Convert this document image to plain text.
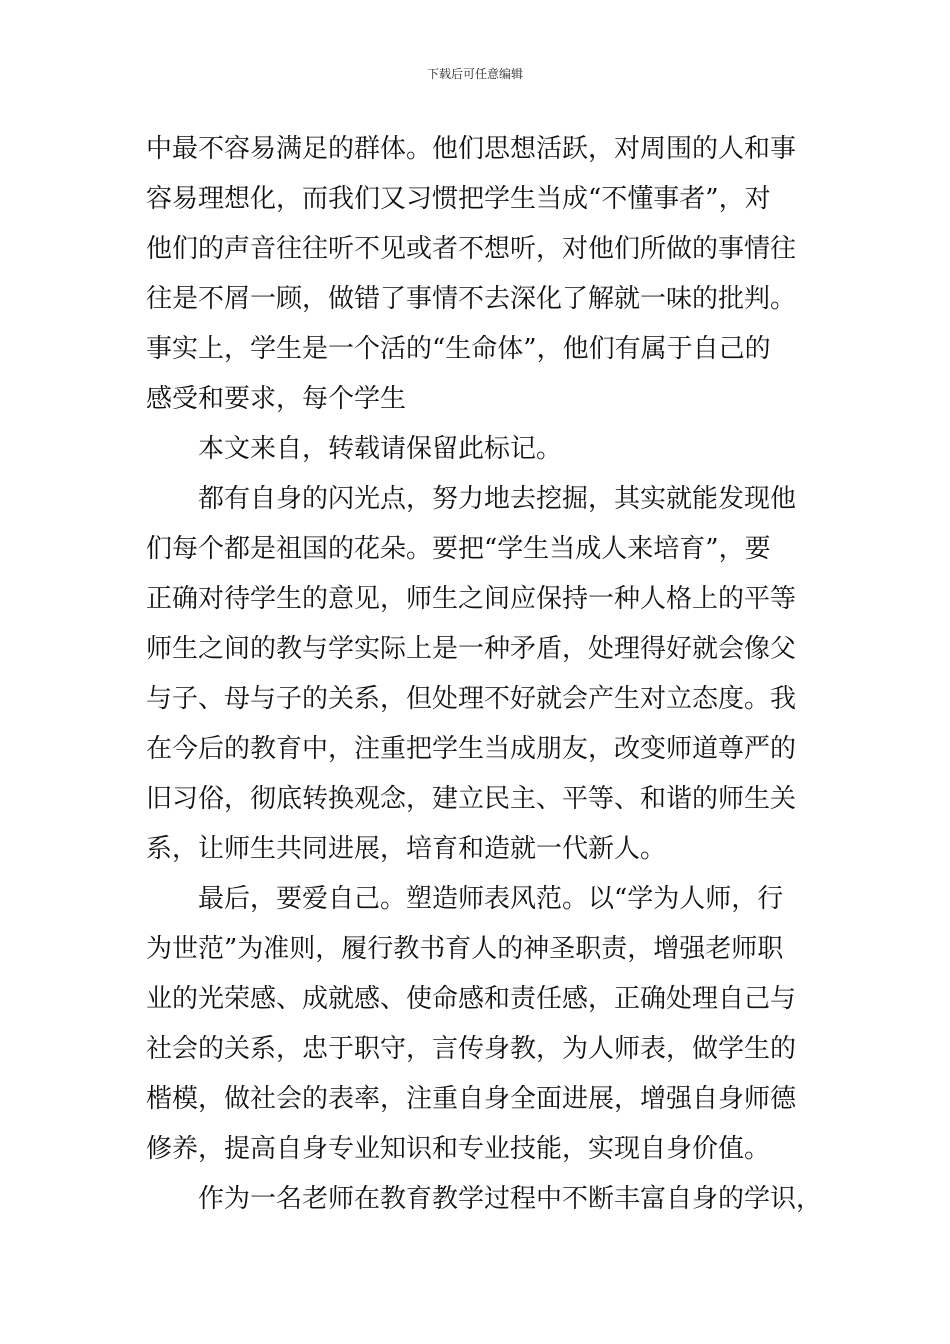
下载后可任意编辑
中最不容易满足的群体。他们思想活跃，对周围的人和事
容易理想化，而我们又习惯把学生当成“不懂事者”，对
他们的声音往往听不见或者不想听，对他们所做的事情往
往是不屑一顾，做错了事情不去深化了解就一味的批判。
事实上，学生是一个活的“生命体”，他们有属于自己的
感受和要求，每个学生
　　本文来自，转载请保留此标记。
　　都有自身的闪光点，努力地去挖掘，其实就能发现他
们每个都是祖国的花朵。要把“学生当成人来培育”，要
正确对待学生的意见，师生之间应保持一种人格上的平等
师生之间的教与学实际上是一种矛盾，处理得好就会像父
与子、母与子的关系，但处理不好就会产生对立态度。我
在今后的教育中，注重把学生当成朋友，改变师道尊严的
旧习俗，彻底转换观念，建立民主、平等、和谐的师生关
系，让师生共同进展，培育和造就一代新人。
　　最后，要爱自己。塑造师表风范。以“学为人师，行
为世范”为准则，履行教书育人的神圣职责，增强老师职
业的光荣感、成就感、使命感和责任感，正确处理自己与
社会的关系，忠于职守，言传身教，为人师表，做学生的
楷模，做社会的表率，注重自身全面进展，增强自身师德
修养，提高自身专业知识和专业技能，实现自身价值。
　　作为一名老师在教育教学过程中不断丰富自身的学识，
